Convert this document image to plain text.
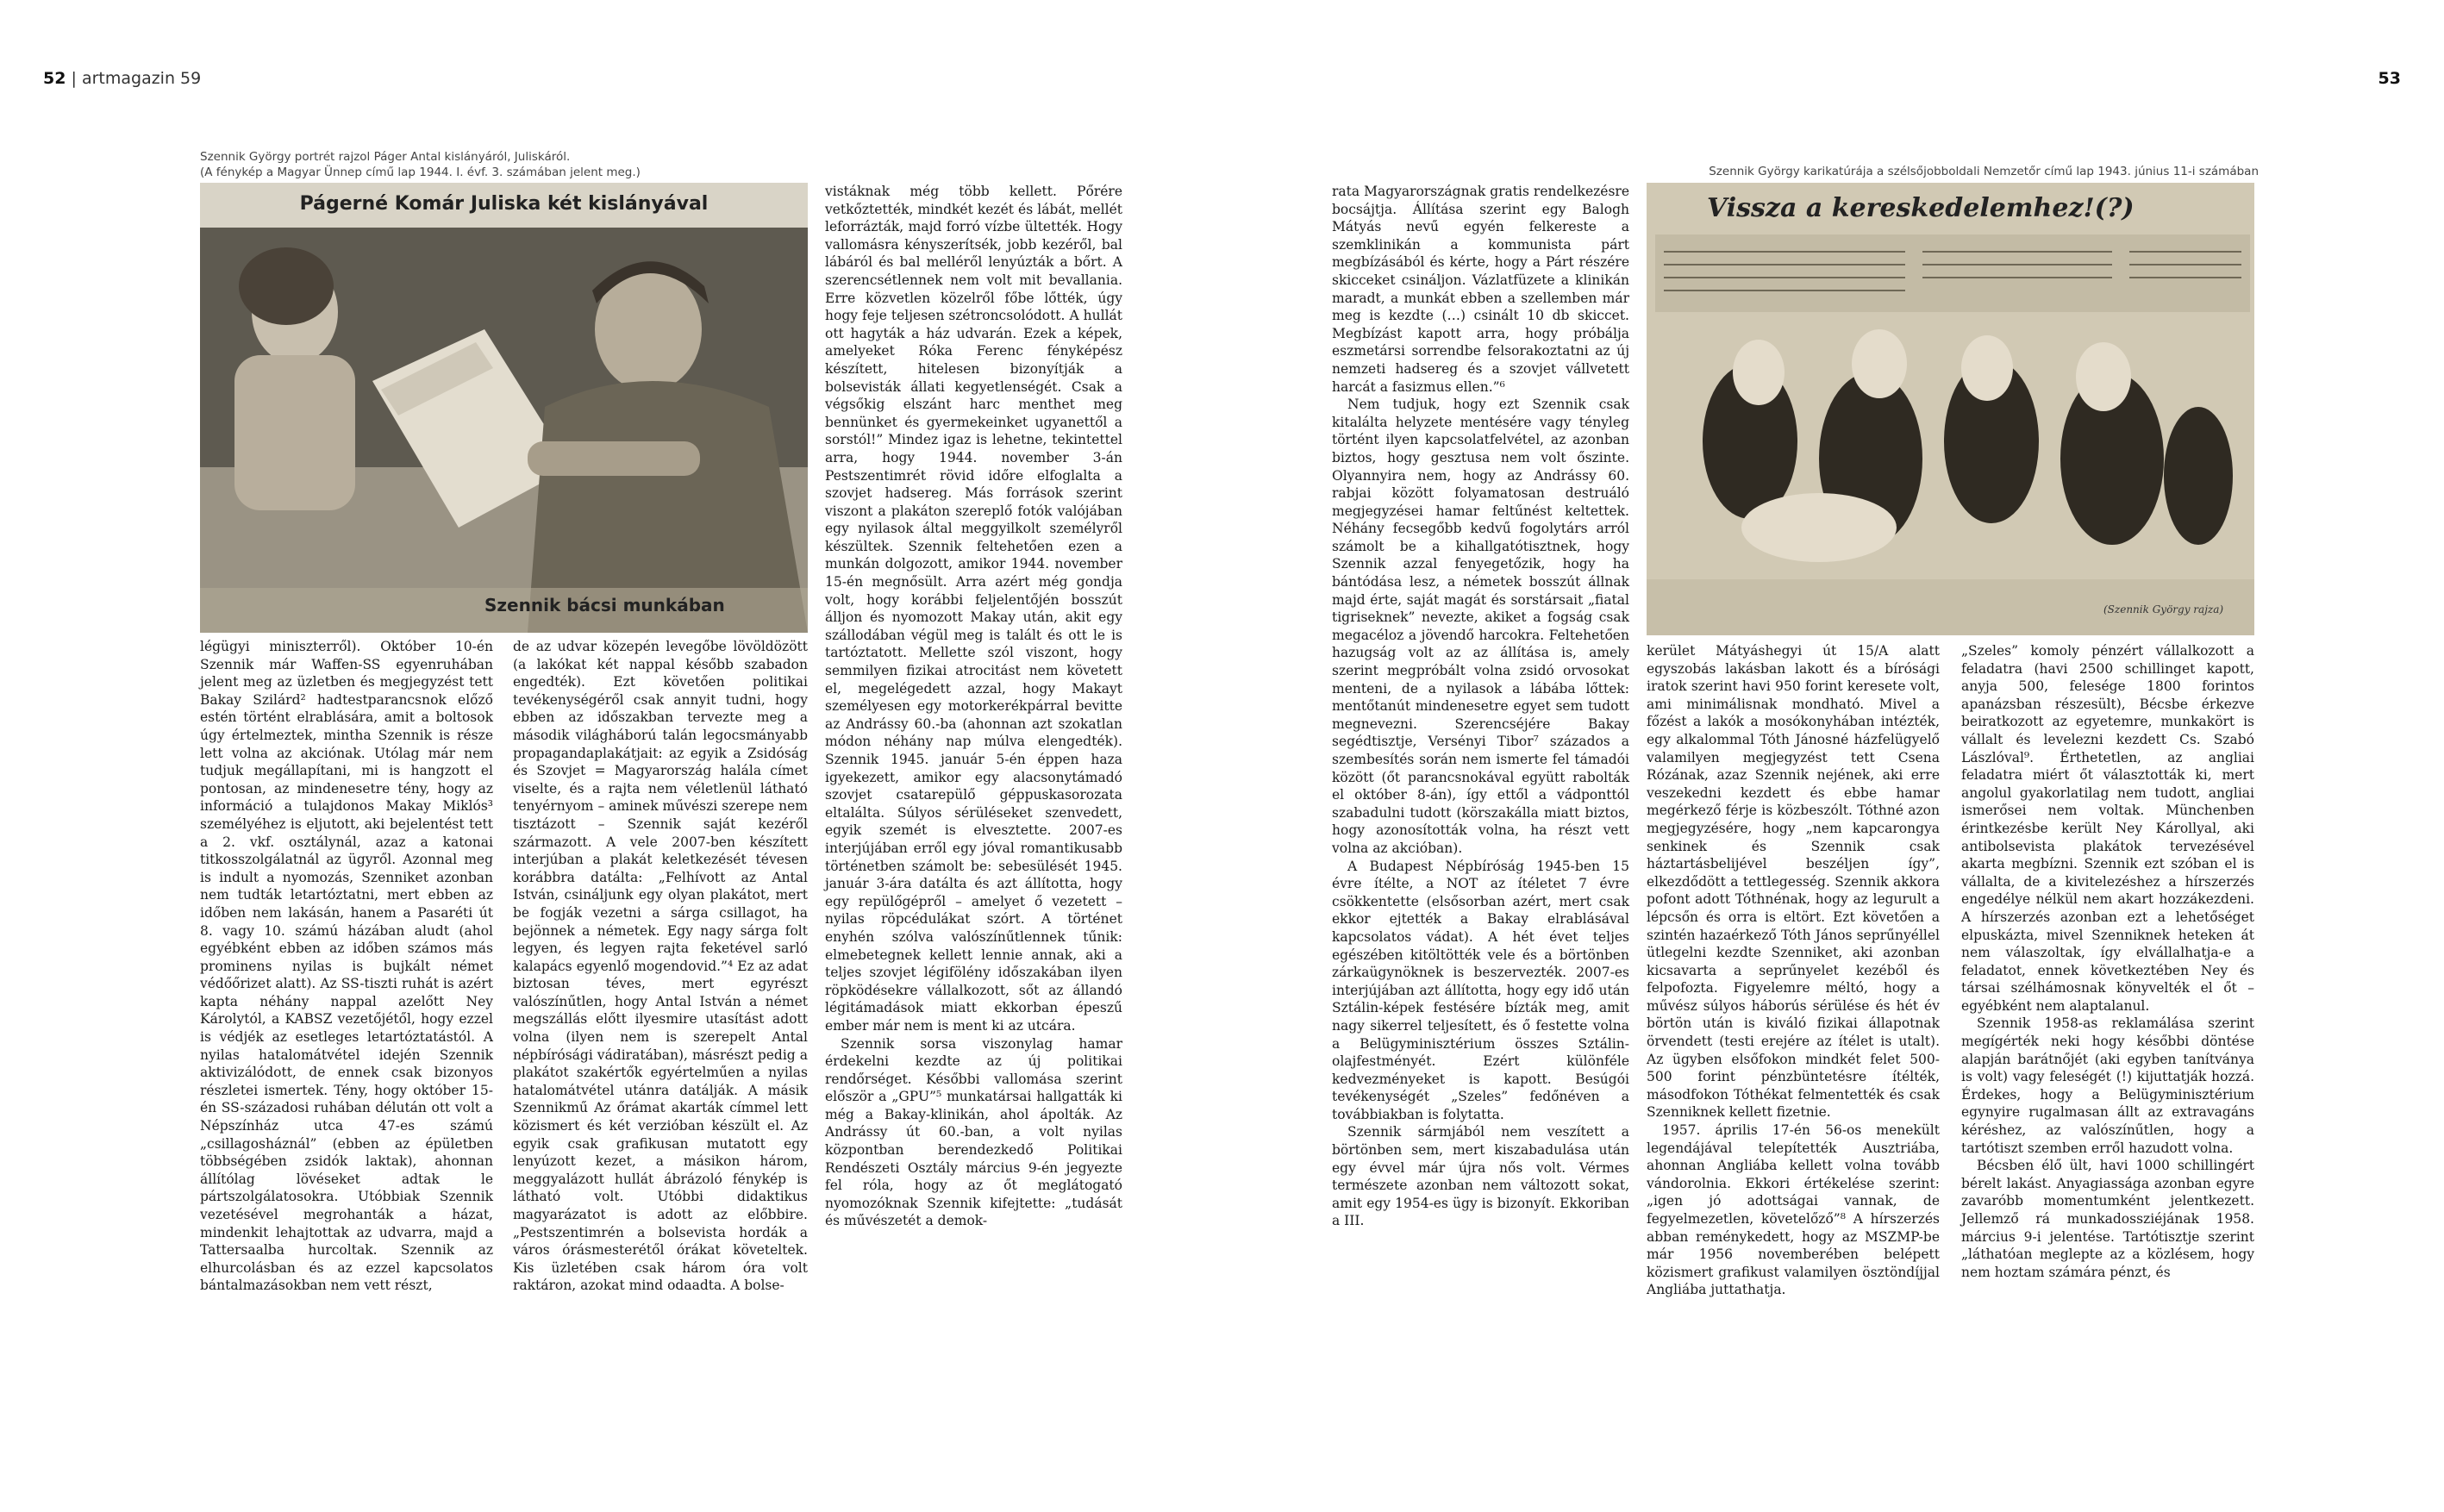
52 | artmagazin 59	53
Szennik György portrét rajzol Páger Antal kislányáról, Juliskáról.
(A fénykép a Magyar Ünnep című lap 1944. I. évf. 3. számában jelent meg.)
Págerné Komár Juliska két kislányával
Szennik bácsi munkában
Szennik György karikatúrája a szélsőjobboldali Nemzetőr című lap 1943. június 11-i számában
Vissza a kereskedelemhez!(?)
(Szennik György rajza)

légügyi miniszterről). Október 10-én Szennik már Waffen-SS egyenruhában jelent meg az üzletben és megjegyzést tett Bakay Szilárd² hadtestparancsnok előző estén történt elrablására, amit a boltosok úgy értelmeztek, mintha Szennik is része lett volna az akciónak. Utólag már nem tudjuk megállapítani, mi is hangzott el pontosan, az mindenesetre tény, hogy az információ a tulajdonos Makay Miklós³ személyéhez is eljutott, aki bejelentést tett a 2. vkf. osztálynál, azaz a katonai titkosszolgálatnál az ügyről. Azonnal meg is indult a nyomozás, Szenniket azonban nem tudták letartóztatni, mert ebben az időben nem lakásán, hanem a Pasaréti út 8. vagy 10. számú házában aludt (ahol egyébként ebben az időben számos más prominens nyilas is bujkált német védőőrizet alatt). Az SS-tiszti ruhát is azért kapta néhány nappal azelőtt Ney Károlytól, a KABSZ vezetőjétől, hogy ezzel is védjék az esetleges letartóztatástól. A nyilas hatalomátvétel idején Szennik aktivizálódott, de ennek csak bizonyos részletei ismertek. Tény, hogy október 15-én SS-századosi ruhában délután ott volt a Népszínház utca 47-es számú „csillagosháznál” (ebben az épületben többségében zsidók laktak), ahonnan állítólag lövéseket adtak le pártszolgálatosokra. Utóbbiak Szennik vezetésével megrohanták a házat, mindenkit lehajtottak az udvarra, majd a Tattersaalba hurcoltak. Szennik az elhurcolásban és az ezzel kapcsolatos bántalmazásokban nem vett részt,

de az udvar közepén levegőbe lövöldözött (a lakókat két nappal később szabadon engedték). Ezt követően politikai tevékenységéről csak annyit tudni, hogy ebben az időszakban tervezte meg a második világháború talán legocsmányabb propagandaplakátjait: az egyik a Zsidóság és Szovjet = Magyarország halála címet viselte, és a rajta nem véletlenül látható tenyérnyom – aminek művészi szerepe nem tisztázott – Szennik saját kezéről származott. A vele 2007-ben készített interjúban a plakát keletkezését tévesen korábbra datálta: „Felhívott az Antal István, csináljunk egy olyan plakátot, mert be fogják vezetni a sárga csillagot, ha bejönnek a németek. Egy nagy sárga folt legyen, és legyen rajta feketével sarló kalapács egyenlő mogendovid.”⁴ Ez az adat biztosan téves, mert egyrészt valószínűtlen, hogy Antal István a német megszállás előtt ilyesmire utasítást adott volna (ilyen nem is szerepelt Antal népbírósági vádiratában), másrészt pedig a plakátot szakértők egyértelműen a nyilas hatalomátvétel utánra datálják. A másik Szennikmű Az őrámat akarták címmel lett közismert és két verzióban készült el. Az egyik csak grafikusan mutatott egy lenyúzott kezet, a másikon három, meggyalázott hullát ábrázoló fénykép is látható volt. Utóbbi didaktikus magyarázatot is adott az előbbire. „Pestszentimrén a bolsevista hordák a város órásmesterétől órákat követeltek. Kis üzletében csak három óra volt raktáron, azokat mind odaadta. A bolse-

vistáknak még több kellett. Pőrére vetkőztették, mindkét kezét és lábát, mellét leforrázták, majd forró vízbe ültették. Hogy vallomásra kényszerítsék, jobb kezéről, bal lábáról és bal melléről lenyúzták a bőrt. A szerencsétlennek nem volt mit bevallania. Erre közvetlen közelről főbe lőtték, úgy hogy feje teljesen szétroncsolódott. A hullát ott hagyták a ház udvarán. Ezek a képek, amelyeket Róka Ferenc fényképész készített, hitelesen bizonyítják a bolsevisták állati kegyetlenségét. Csak a végsőkig elszánt harc menthet meg bennünket és gyermekeinket ugyanettől a sorstól!” Mindez igaz is lehetne, tekintettel arra, hogy 1944. november 3-án Pestszentimrét rövid időre elfoglalta a szovjet hadsereg. Más források szerint viszont a plakáton szereplő fotók valójában egy nyilasok által meggyilkolt személyről készültek. Szennik feltehetően ezen a munkán dolgozott, amikor 1944. november 15-én megnősült. Arra azért még gondja volt, hogy korábbi feljelentőjén bosszút álljon és nyomozott Makay után, akit egy szállodában végül meg is talált és ott le is tartóztatott. Mellette szól viszont, hogy semmilyen fizikai atrocitást nem követett el, megelégedett azzal, hogy Makayt személyesen egy motorkerékpárral bevitte az Andrássy 60.-ba (ahonnan azt szokatlan módon néhány nap múlva elengedték). Szennik 1945. január 5-én éppen haza igyekezett, amikor egy alacsonytámadó szovjet csatarepülő géppuskasorozata eltalálta. Súlyos sérüléseket szenvedett, egyik szemét is elvesztette. 2007-es interjújában erről egy jóval romantikusabb történetben számolt be: sebesülését 1945. január 3-ára datálta és azt állította, hogy egy repülőgépről – amelyet ő vezetett – nyilas röpcédulákat szórt. A történet enyhén szólva valószínűtlennek tűnik: elmebetegnek kellett lennie annak, aki a teljes szovjet légifölény időszakában ilyen röpködésekre vállalkozott, sőt az állandó légitámadások miatt ekkorban épeszű ember már nem is ment ki az utcára.

Szennik sorsa viszonylag hamar érdekelni kezdte az új politikai rendőrséget. Későbbi vallomása szerint először a „GPU”⁵ munkatársai hallgatták ki még a Bakay-klinikán, ahol ápolták. Az Andrássy út 60.-ban, a volt nyilas központban berendezkedő Politikai Rendészeti Osztály március 9-én jegyezte fel róla, hogy az őt meglátogató nyomozóknak Szennik kifejtette: „tudását és művészetét a demok-

rata Magyarországnak gratis rendelkezésre bocsájtja. Állítása szerint egy Balogh Mátyás nevű egyén felkereste a szemklinikán a kommunista párt megbízásából és kérte, hogy a Párt részére skicceket csináljon. Vázlatfüzete a klinikán maradt, a munkát ebben a szellemben már meg is kezdte (…) csinált 10 db skiccet. Megbízást kapott arra, hogy próbálja eszmetársi sorrendbe felsorakoztatni az új nemzeti hadsereg és a szovjet vállvetett harcát a fasizmus ellen.”⁶

Nem tudjuk, hogy ezt Szennik csak kitalálta helyzete mentésére vagy tényleg történt ilyen kapcsolatfelvétel, az azonban biztos, hogy gesztusa nem volt őszinte. Olyannyira nem, hogy az Andrássy 60. rabjai között folyamatosan destruáló megjegyzései hamar feltűnést keltettek. Néhány fecsegőbb kedvű fogolytárs arról számolt be a kihallgatótisztnek, hogy Szennik azzal fenyegetőzik, hogy ha bántódása lesz, a németek bosszút állnak majd érte, saját magát és sorstársait „fiatal tigriseknek” nevezte, akiket a fogság csak megacéloz a jövendő harcokra. Feltehetően hazugság volt az az állítása is, amely szerint megpróbált volna zsidó orvosokat menteni, de a nyilasok a lábába lőttek: mentőtanút mindenesetre egyet sem tudott megnevezni. Szerencséjére Bakay segédtisztje, Versényi Tibor⁷ százados a szembesítés során nem ismerte fel támadói között (őt parancsnokával együtt rabolták el október 8-án), így ettől a vádponttól szabadulni tudott (körszakálla miatt biztos, hogy azonosították volna, ha részt vett volna az akcióban).

A Budapest Népbíróság 1945-ben 15 évre ítélte, a NOT az ítéletet 7 évre csökkentette (elsősorban azért, mert csak ekkor ejtették a Bakay elrablásával kapcsolatos vádat). A hét évet teljes egészében kitöltötték vele és a börtönben zárkaügynöknek is beszervezték. 2007-es interjújában azt állította, hogy egy idő után Sztálin-képek festésére bízták meg, amit nagy sikerrel teljesített, és ő festette volna a Belügyminisztérium összes Sztálin-olajfestményét. Ezért különféle kedvezményeket is kapott. Besúgói tevékenységét „Szeles” fedőnéven a továbbiakban is folytatta.

Szennik sármjából nem veszített a börtönben sem, mert kiszabadulása után egy évvel már újra nős volt. Vérmes természete azonban nem változott sokat, amit egy 1954-es ügy is bizonyít. Ekkoriban a III.

kerület Mátyáshegyi út 15/A alatt egyszobás lakásban lakott és a bírósági iratok szerint havi 950 forint keresete volt, ami minimálisnak mondható. Mivel a főzést a lakók a mosókonyhában intézték, egy alkalommal Tóth Jánosné házfelügyelő valamilyen megjegyzést tett Csena Rózának, azaz Szennik nejének, aki erre veszekedni kezdett és ebbe hamar megérkező férje is közbeszólt. Tóthné azon megjegyzésére, hogy „nem kapcarongya senkinek és Szennik csak háztartásbelijével beszéljen így”, elkezdődött a tettlegesség. Szennik akkora pofont adott Tóthnénak, hogy az legurult a lépcsőn és orra is eltört. Ezt követően a szintén hazaérkező Tóth János seprűnyéllel ütlegelni kezdte Szenniket, aki azonban kicsavarta a seprűnyelet kezéből és felpofozta. Figyelemre méltó, hogy a művész súlyos háborús sérülése és hét év börtön után is kiváló fizikai állapotnak örvendett (testi erejére az ítélet is utalt). Az ügyben elsőfokon mindkét felet 500-500 forint pénzbüntetésre ítélték, másodfokon Tóthékat felmentették és csak Szenniknek kellett fizetnie.

1957. április 17-én 56-os menekült legendájával telepítették Ausztriába, ahonnan Angliába kellett volna tovább vándorolnia. Ekkori értékelése szerint: „igen jó adottságai vannak, de fegyelmezetlen, követelőző”⁸ A hírszerzés abban reménykedett, hogy az MSZMP-be már 1956 novemberében belépett közismert grafikust valamilyen ösztöndíjjal Angliába juttathatja.

„Szeles” komoly pénzért vállalkozott a feladatra (havi 2500 schillinget kapott, anyja 500, felesége 1800 forintos apanázsban részesült), Bécsbe érkezve beiratkozott az egyetemre, munkakört is vállalt és levelezni kezdett Cs. Szabó Lászlóval⁹. Érthetetlen, az angliai feladatra miért őt választották ki, mert angolul gyakorlatilag nem tudott, angliai ismerősei nem voltak. Münchenben érintkezésbe került Ney Károllyal, aki antibolsevista plakátok tervezésével akarta megbízni. Szennik ezt szóban el is vállalta, de a kivitelezéshez a hírszerzés engedélye nélkül nem akart hozzákezdeni. A hírszerzés azonban ezt a lehetőséget elpuskázta, mivel Szenniknek heteken át nem válaszoltak, így elvállalhatja-e a feladatot, ennek következtében Ney és társai szélhámosnak könyvelték el őt – egyébként nem alaptalanul.

Szennik 1958-as reklamálása szerint megígérték neki hogy későbbi döntése alapján barátnőjét (aki egyben tanítványa is volt) vagy feleségét (!) kijuttatják hozzá. Érdekes, hogy a Belügyminisztérium egynyire rugalmasan állt az extravagáns kéréshez, az valószínűtlen, hogy a tartótiszt szemben erről hazudott volna.

Bécsben élő ült, havi 1000 schillingért bérelt lakást. Anyagiassága azonban egyre zavaróbb momentumként jelentkezett. Jellemző rá munkadossziéjának 1958. március 9-i jelentése. Tartótisztje szerint „láthatóan meglepte az a közlésem, hogy nem hoztam számára pénzt, és
